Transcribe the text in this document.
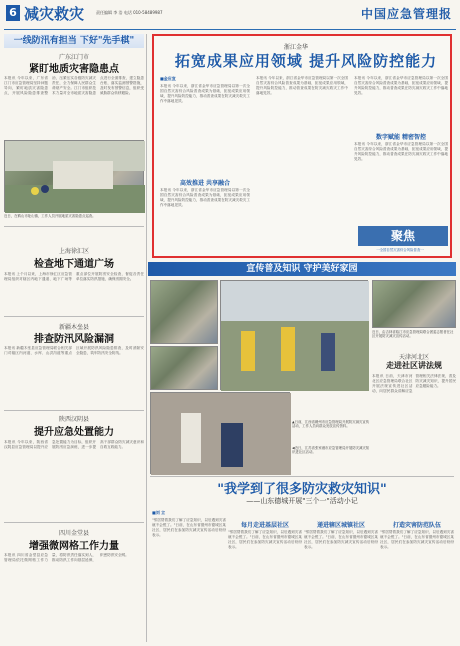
6 减灾救灾	责任编辑 李 浩 电话 010-58489987	中国应急管理报
一线防汛有担当 下好"先手棋"
广东江门市
紧盯地质灾害隐患点
本报讯 今年以来，广东省江门市应急管理局坚持问题导向，紧盯地质灾害隐患点，开展风险隐患排查整治，压紧压实各级防灾减灾责任，全力保障人民群众生命财产安全。江门市组织技术力量对全市地质灾害隐患点进行全面排查，建立隐患台账，落实监测预警措施，及时发布预警信息，组织受威胁群众转移避险。
近日，在鹤山市址山镇，工作人员开展地质灾害隐患点巡查。
上海徐汇区
检查地下通道广场
本报讯 上个月以来，上海市徐汇区应急管理局组织对辖区内地下通道、地下广场等重点部位开展防汛安全检查，督促各责任单位落实防汛措施，确保汛期安全。
新疆木垒县
排查防汛风险漏洞
本报讯 新疆木垒县应急管理局联合相关部门对辖区内河道、水库、山洪沟道等重点区域开展防汛风险隐患排查，及时消除安全隐患，筑牢防汛安全防线。
陕西汉阴县
提升应急处置能力
本报讯 今年以来，陕西省汉阴县应急管理局以提升应急处置能力为目标，组织开展防汛应急演练，进一步提高干部群众防灾减灾意识和自救互救能力。
四川金堂县
增强微网格工作力量
本报讯 四川省金堂县应急管理局依托微网格工作力量，将防汛责任落实到人，推动防汛工作向基层延伸，织密防汛安全网。
浙江金华
拓宽成果应用领域 提升风险防控能力
■金应宣
本报讯 今年以来，浙江省金华市应急管理局以第一次全国自然灾害综合风险普查成果为基础，拓宽成果应用领域，提升风险防控能力，推动普查成果在防灾减灾救灾工作中落地见效。
高效推进 共享融合
本报讯 今年以来，浙江省金华市应急管理局以第一次全国自然灾害综合风险普查成果为基础，拓宽成果应用领域，提升风险防控能力，推动普查成果在防灾减灾救灾工作中落地见效。
本报讯 今年以来，浙江省金华市应急管理局以第一次全国自然灾害综合风险普查成果为基础，拓宽成果应用领域，提升风险防控能力，推动普查成果在防灾减灾救灾工作中落地见效。
本报讯 今年以来，浙江省金华市应急管理局以第一次全国自然灾害综合风险普查成果为基础，拓宽成果应用领域，提升风险防控能力，推动普查成果在防灾减灾救灾工作中落地见效。
数字赋能 精密智控
本报讯 今年以来，浙江省金华市应急管理局以第一次全国自然灾害综合风险普查成果为基础，拓宽成果应用领域，提升风险防控能力，推动普查成果在防灾减灾救灾工作中落地见效。
聚焦
一全国自然灾害综合风险普查一
宣传普及知识 守护美好家园
▲日前，江西省赣州市应急管理局开展防灾减灾宣传活动，工作人员向群众发放宣传资料。
◀近日，江苏省张家港市应急管理局开展防灾减灾知识进社区活动。
近日，由吉林省临江市应急管理局联合团委志愿者在社区开展防灾减灾宣传活动。
天津河北区
走进社区讲法规
本报讯 日前，天津市河北区应急管理局联合社区开展法规宣传进社区活动，向居民群众讲解应急管理相关法律法规，普及防灾减灾知识，提升居民应急避险能力。
"我学到了很多防灾救灾知识"
——山东德城开展"三个一"活动小记
■刘 立
"邻居帮着我们了解了应急知识，以后遇到灾害就不会慌了。"日前，在山东省德州市德城区某社区，居民们在参加防灾减灾宣传活动后纷纷表示。
每月走进基层社区
"邻居帮着我们了解了应急知识，以后遇到灾害就不会慌了。"日前，在山东省德州市德城区某社区，居民们在参加防灾减灾宣传活动后纷纷表示。
递进辖区城镇社区
"邻居帮着我们了解了应急知识，以后遇到灾害就不会慌了。"日前，在山东省德州市德城区某社区，居民们在参加防灾减灾宣传活动后纷纷表示。
打造灾害防范队伍
"邻居帮着我们了解了应急知识，以后遇到灾害就不会慌了。"日前，在山东省德州市德城区某社区，居民们在参加防灾减灾宣传活动后纷纷表示。
